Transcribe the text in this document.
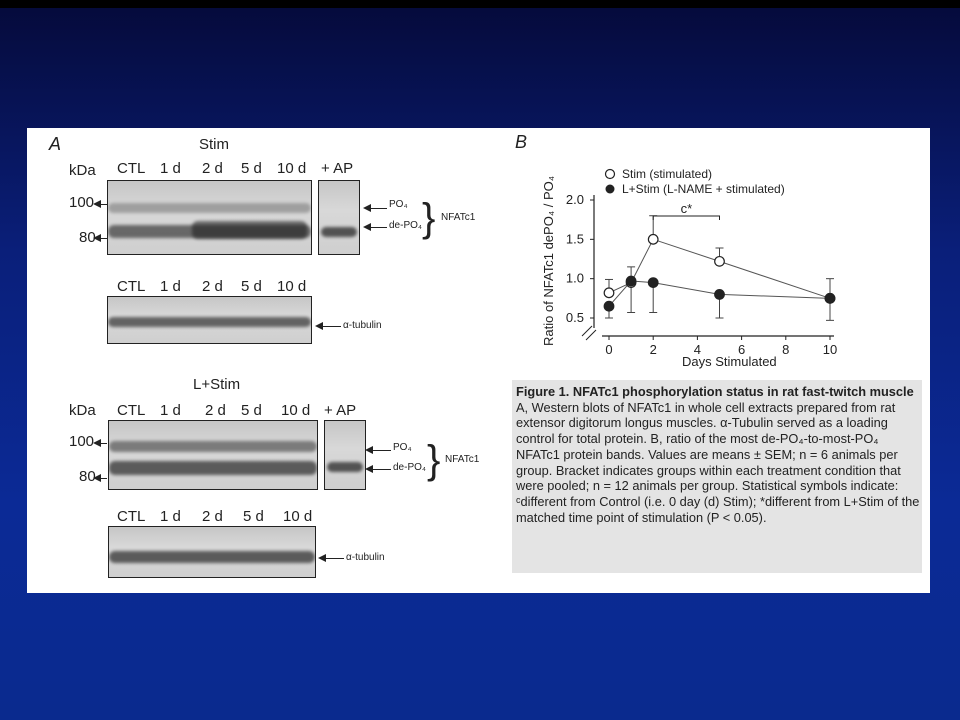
A	Stim
kDa CTL 1 d 2 d 5 d 10 d + AP
100
80
PO₄
de-PO₄ } NFATc1
CTL 1 d 2 d 5 d 10 d
α-tubulin
L+Stim
kDa CTL 1 d 2 d 5 d 10 d + AP
100
80
PO₄
de-PO₄ } NFATc1
CTL 1 d 2 d 5 d 10 d
α-tubulin
B
Stim (stimulated)
L+Stim (L-NAME + stimulated)
Ratio of NFATc1 dePO₄ / PO₄
Days Stimulated
0.5
1.0
1.5
2.0
0	2	4	6	8	10
c*

Figure 1. NFATc1 phosphorylation status in rat fast-twitch muscle

A, Western blots of NFATc1 in whole cell extracts prepared from rat extensor digitorum longus muscles. α-Tubulin served as a loading control for total protein. B, ratio of the most de-PO₄-to-most-PO₄ NFATc1 protein bands. Values are means ± SEM; n = 6 animals per group. Bracket indicates groups within each treatment condition that were pooled; n = 12 animals per group. Statistical symbols indicate: ᶜdifferent from Control (i.e. 0 day (d) Stim); *different from L+Stim of the matched time point of stimulation (P < 0.05).
